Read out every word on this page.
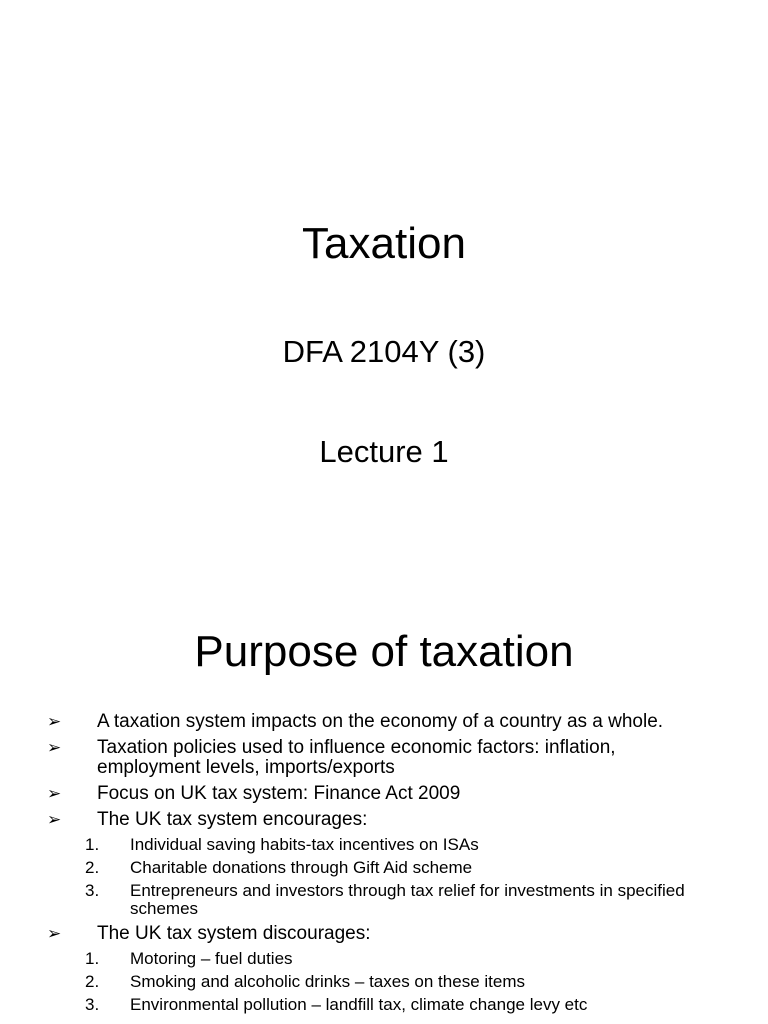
Taxation
DFA 2104Y (3)
Lecture 1
Purpose of taxation
➢ A taxation system impacts on the economy of a country as a whole.
➢ Taxation policies used to influence economic factors: inflation, employment levels, imports/exports
➢ Focus on UK tax system: Finance Act 2009
➢ The UK tax system encourages:
1. Individual saving habits-tax incentives on ISAs
2. Charitable donations through Gift Aid scheme
3. Entrepreneurs and investors through tax relief for investments in specified schemes
➢ The UK tax system discourages:
1. Motoring – fuel duties
2. Smoking and alcoholic drinks – taxes on these items
3. Environmental pollution – landfill tax, climate change levy etc
